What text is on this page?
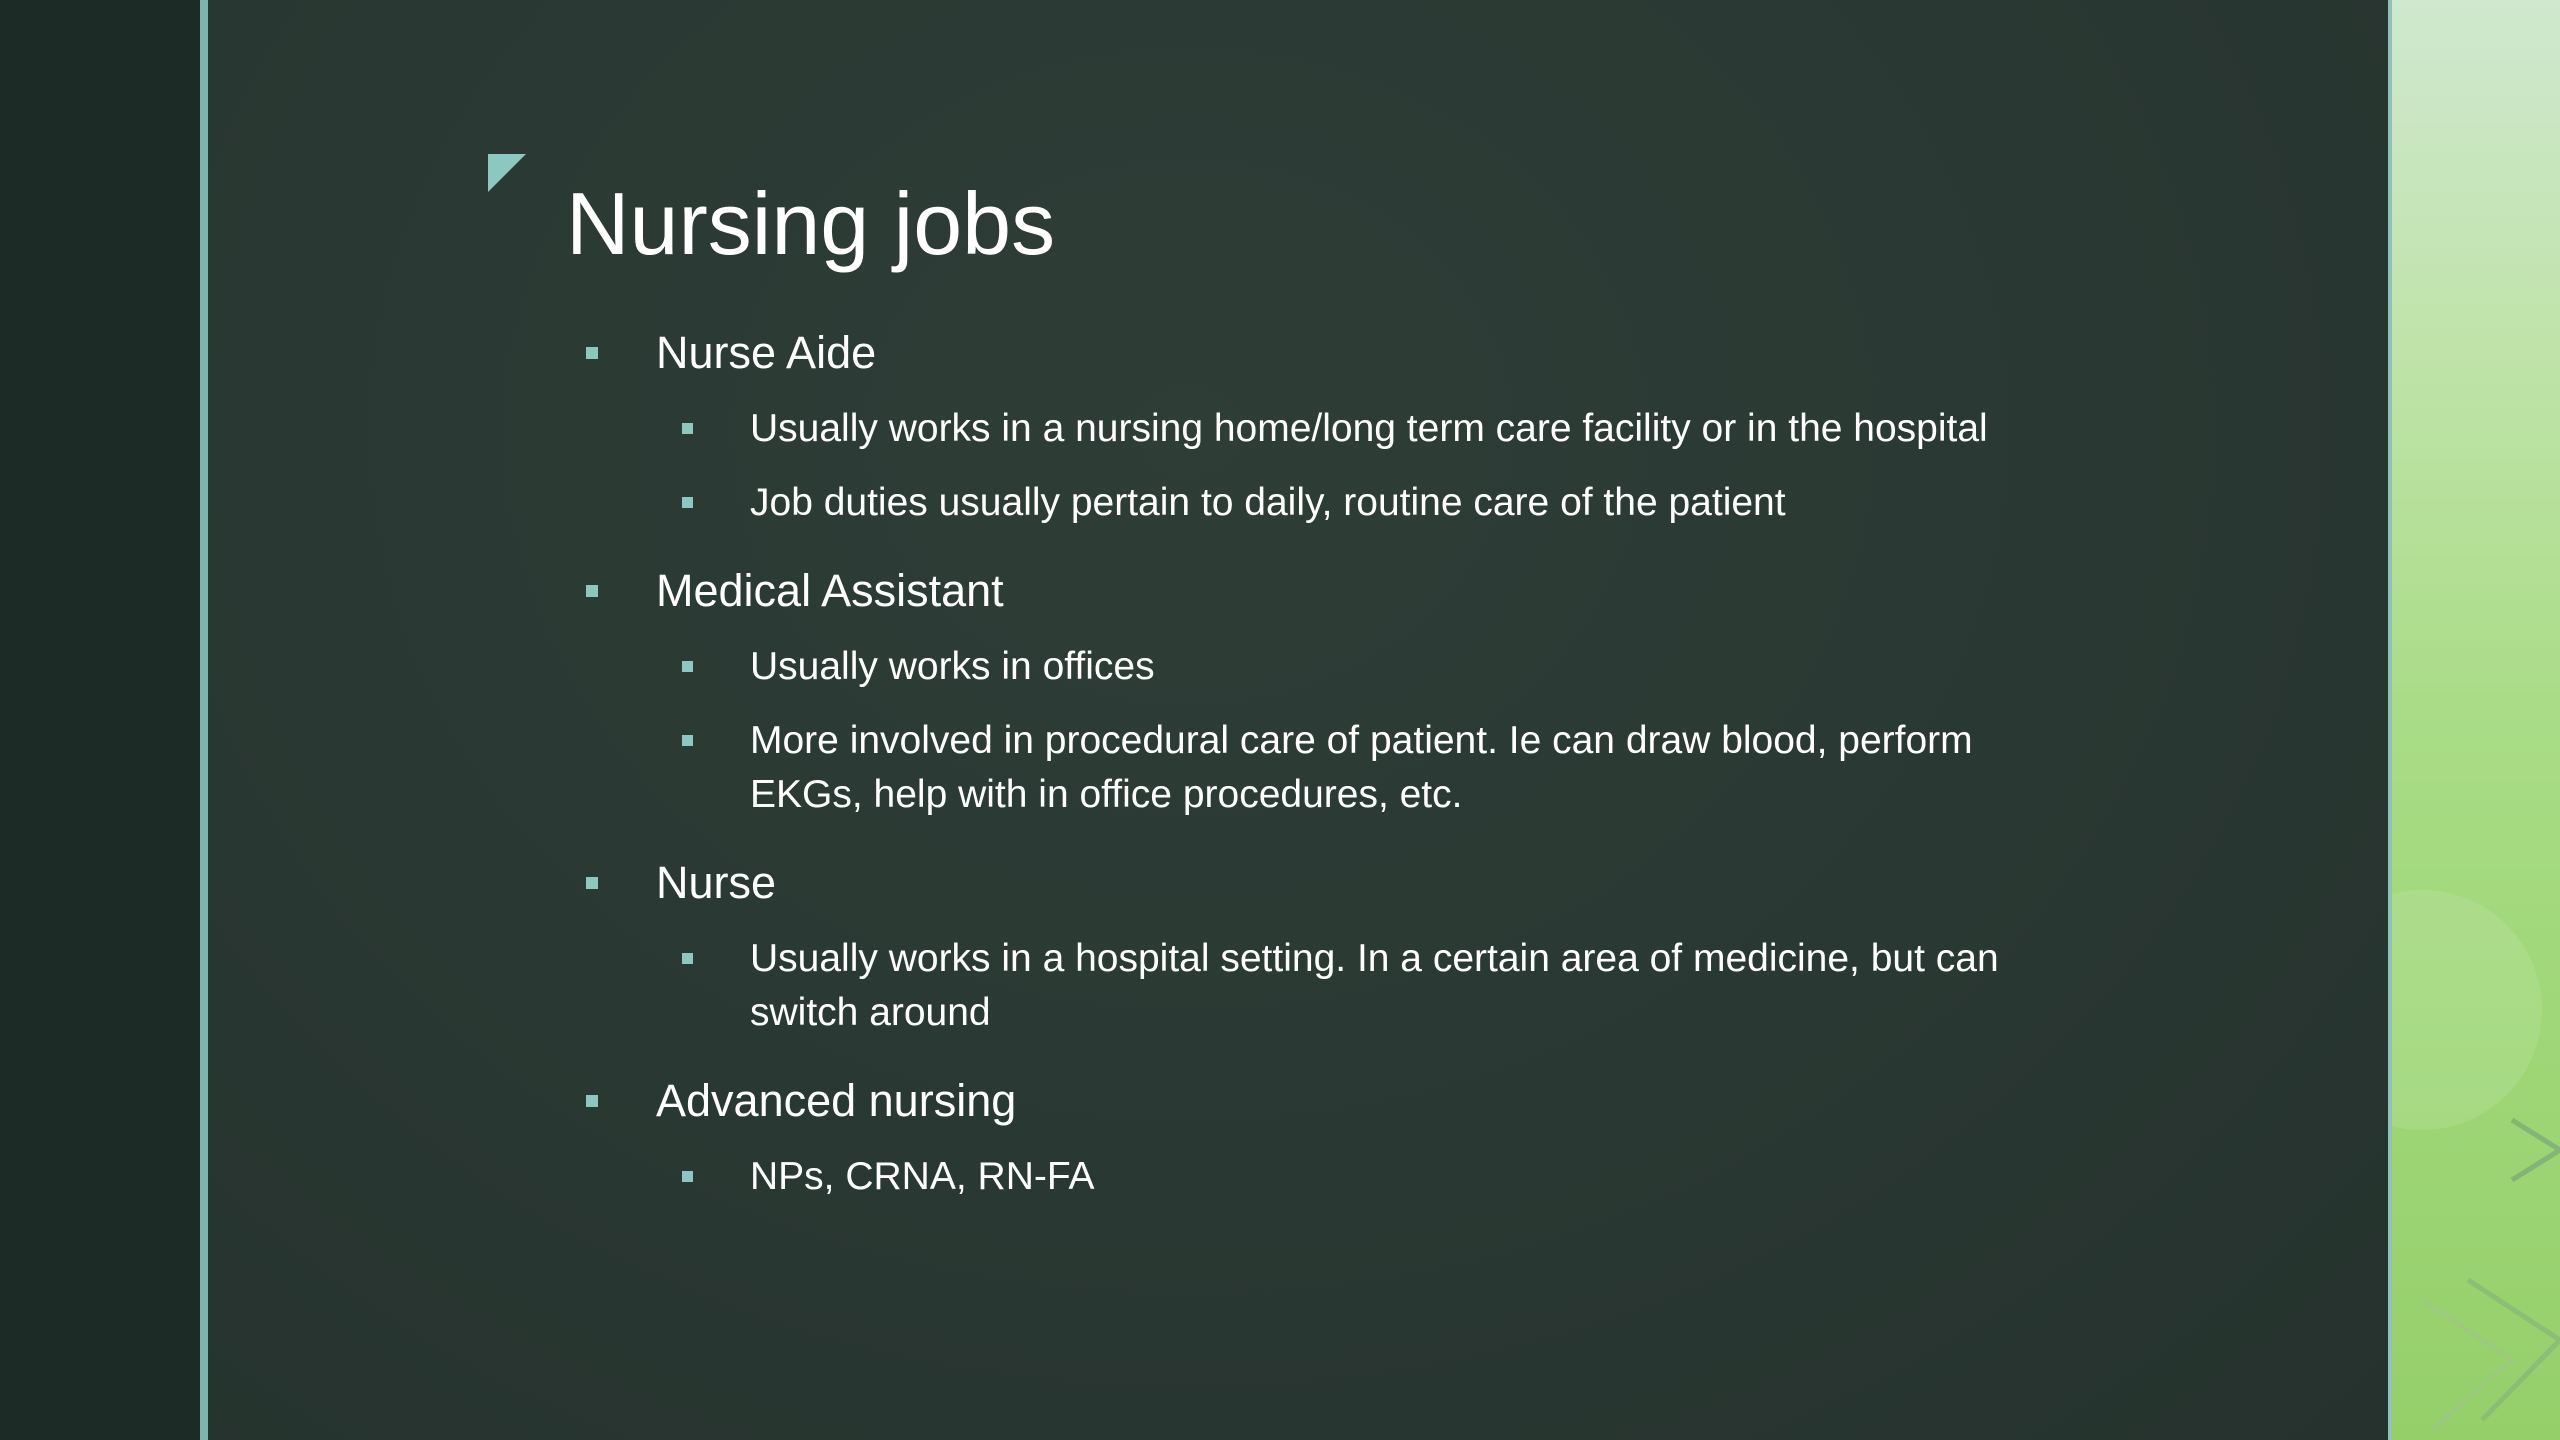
Nursing jobs
Nurse Aide
Usually works in a nursing home/long term care facility or in the hospital
Job duties usually pertain to daily, routine care of the patient
Medical Assistant
Usually works in offices
More involved in procedural care of patient. Ie can draw blood, perform EKGs, help with in office procedures, etc.
Nurse
Usually works in a hospital setting. In a certain area of medicine, but can switch around
Advanced nursing
NPs, CRNA, RN-FA
